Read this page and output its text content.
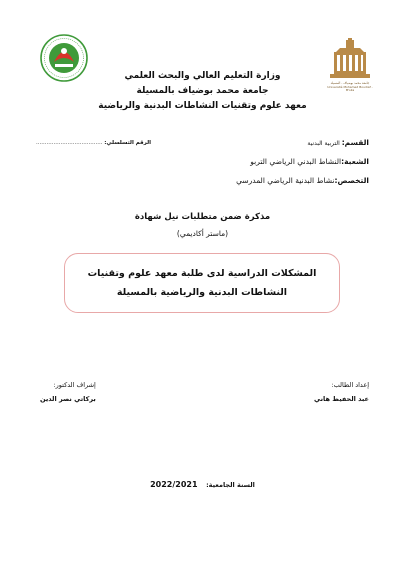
جامعة محمد بوضياف - المسيلة
Université Mohamed Boudiaf - M'sila
وزارة التعليم العالي والبحث العلمي
جامعة محمد بوضياف بالمسيلة
معهد علوم وتقنيات النشاطات البدنية والرياضية
القسم: التربية البدنية
الشعبة:النشاط البدني الرياضي التربو
التخصص:نشاط البدنية الرياضي المدرسي
الرقم التسلسلي: ......................................
مذكرة ضمن متطلبات نيل شهادة
(ماستر أكاديمي)
المشكلات الدراسية لدى طلبة معهد علوم وتقنيات النشاطات البدنية والرياضية بالمسيلة
إعداد الطالب:
عبد الحفيظ هاني
إشراف الدكتور:
بركاتي نصر الدين
السنة الجامعية: 2022/2021
